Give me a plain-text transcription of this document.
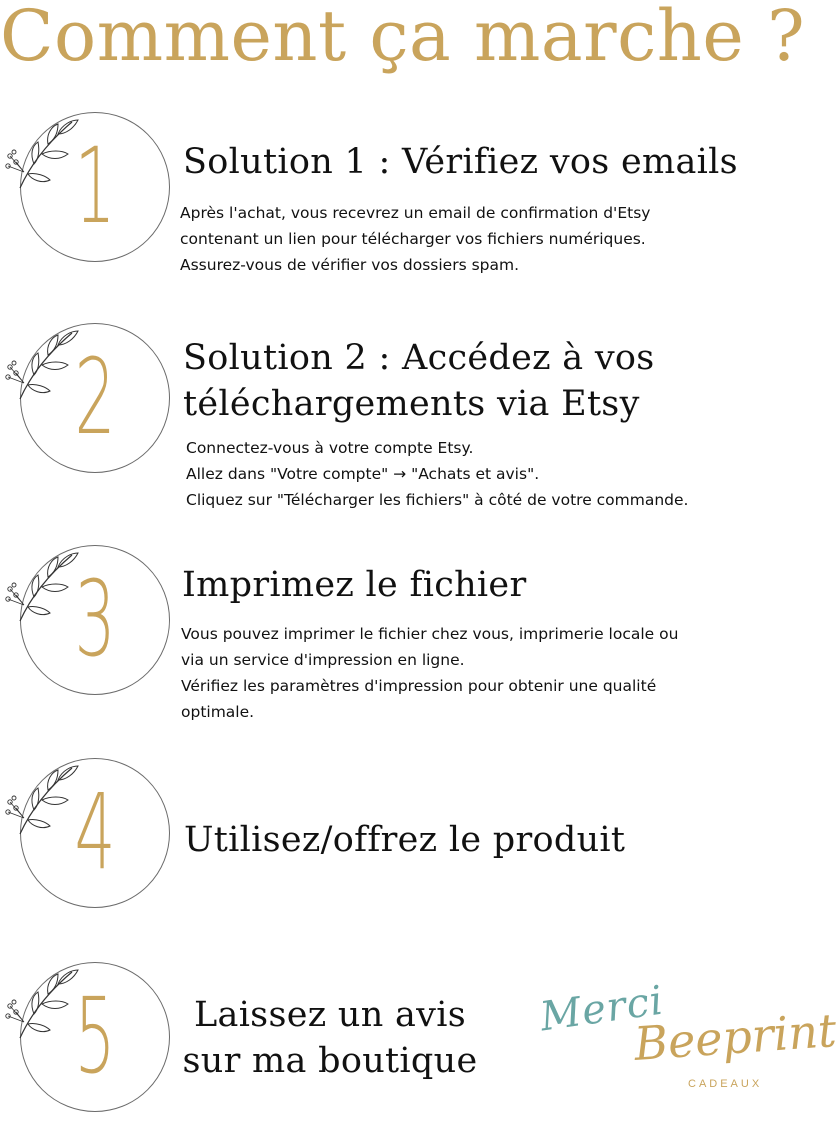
Comment ça marche ?
1	Solution 1 : Vérifiez vos emails
Après l'achat, vous recevrez un email de confirmation d'Etsy
contenant un lien pour télécharger vos fichiers numériques.
Assurez-vous de vérifier vos dossiers spam.
2	Solution 2 : Accédez à vos
téléchargements via Etsy
Connectez-vous à votre compte Etsy.
Allez dans "Votre compte" → "Achats et avis".
Cliquez sur "Télécharger les fichiers" à côté de votre commande.
3	Imprimez le fichier
Vous pouvez imprimer le fichier chez vous, imprimerie locale ou
via un service d'impression en ligne.
Vérifiez les paramètres d'impression pour obtenir une qualité
optimale.
4	Utilisez/offrez le produit
5	Laissez un avis
sur ma boutique
Merci
Beeprint
CADEAUX
